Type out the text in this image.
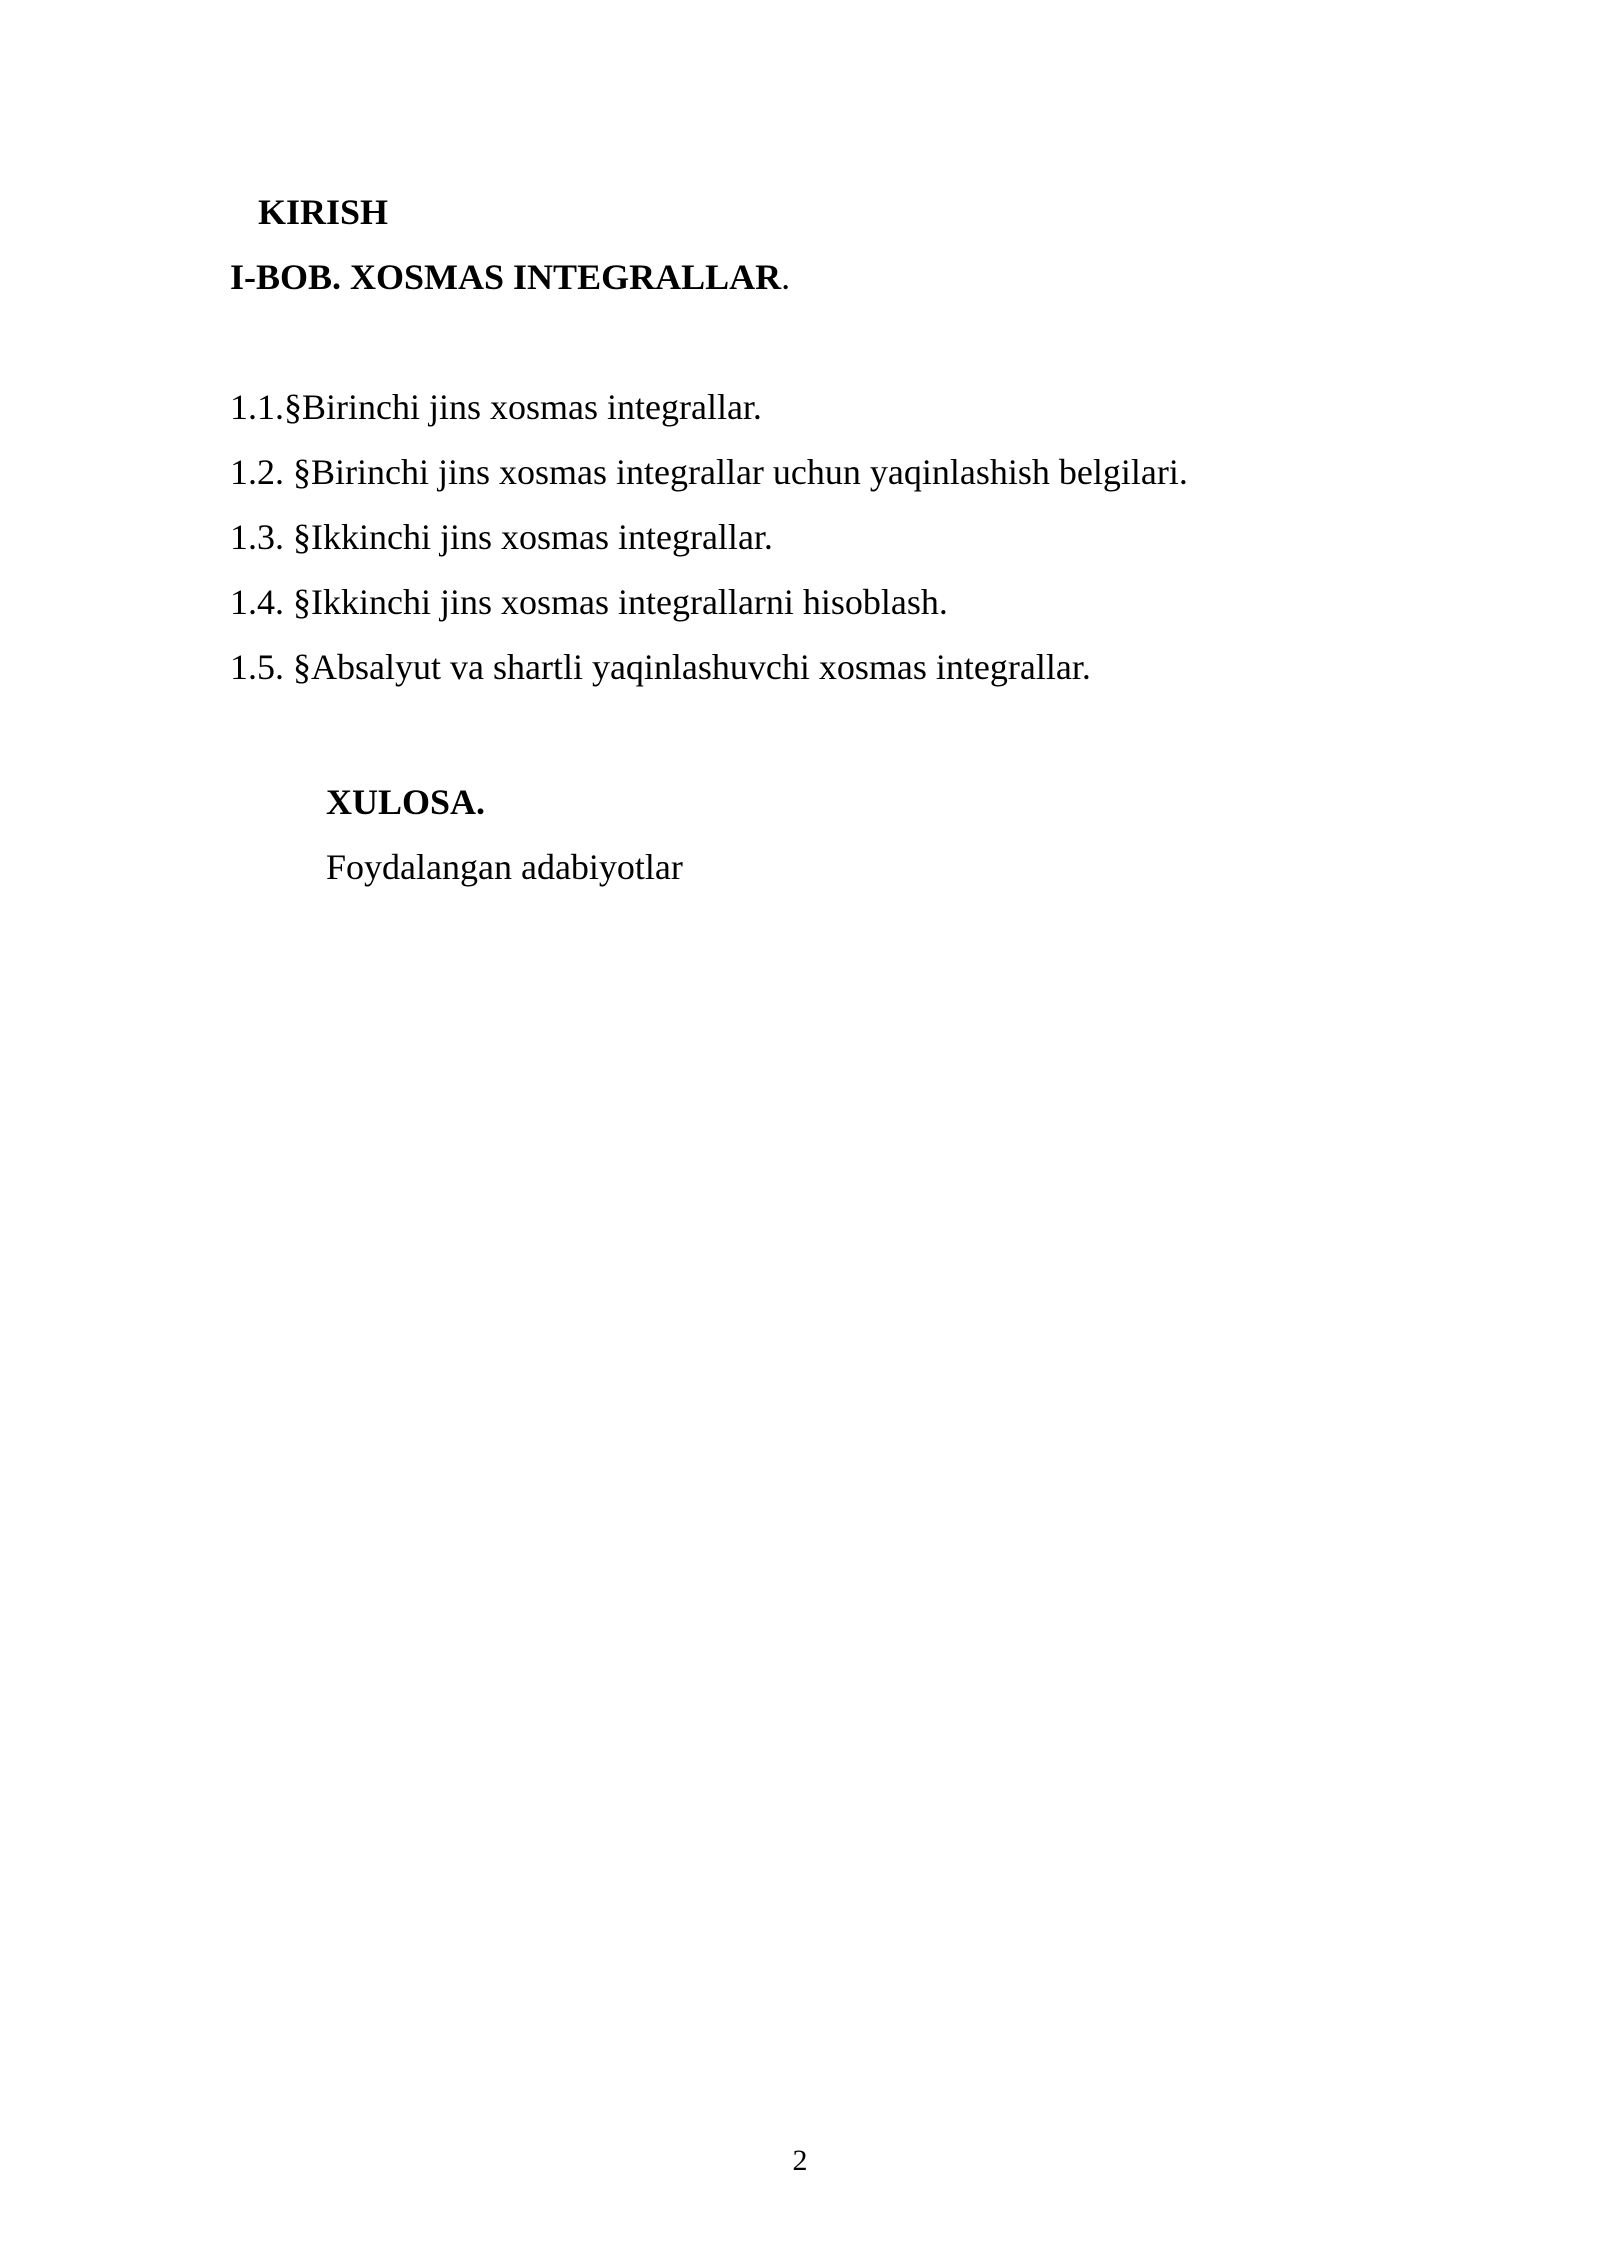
KIRISH
I-BOB. XOSMAS INTEGRALLAR.
1.1.§Birinchi jins xosmas integrallar.
1.2. §Birinchi jins xosmas integrallar uchun yaqinlashish belgilari.
1.3. §Ikkinchi jins xosmas integrallar.
1.4. §Ikkinchi jins xosmas integrallarni hisoblash.
1.5. §Absalyut va shartli yaqinlashuvchi xosmas integrallar.
XULOSA.
Foydalangan adabiyotlar
2
